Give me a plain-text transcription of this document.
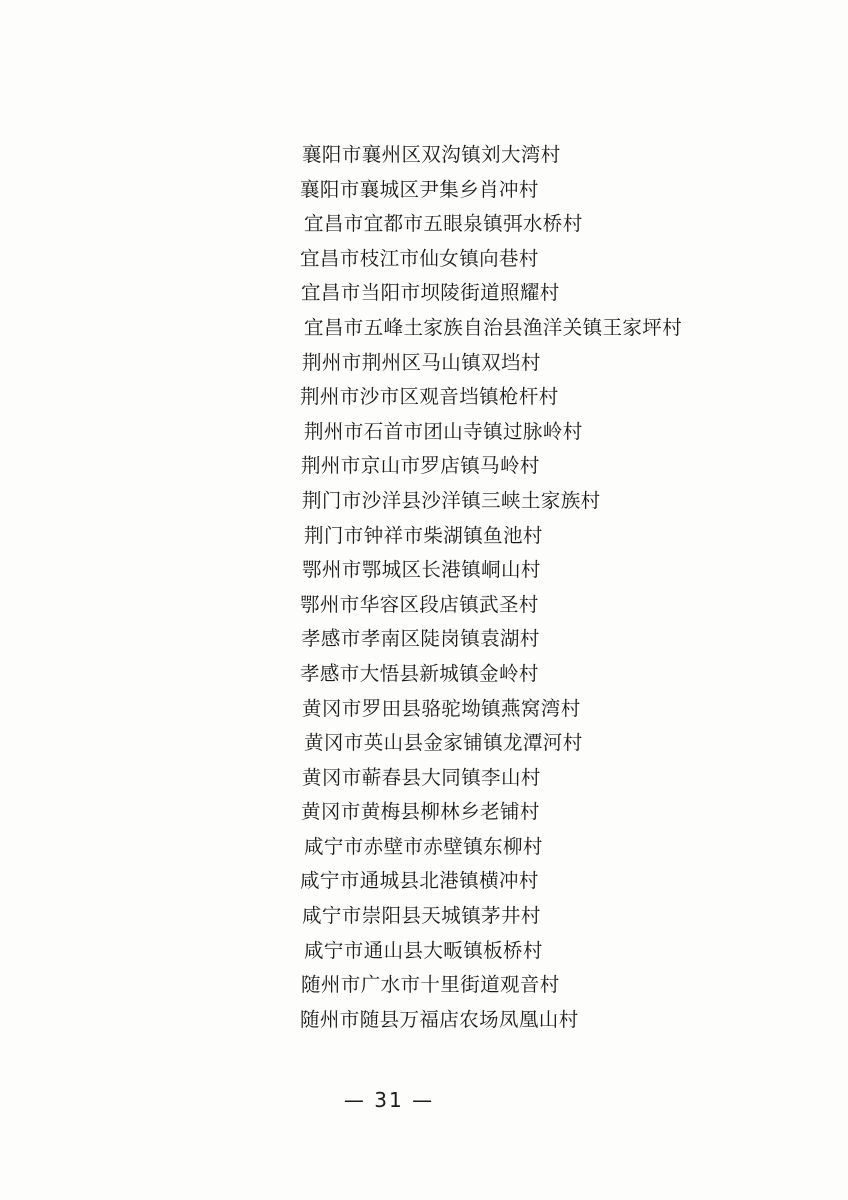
襄阳市襄州区双沟镇刘大湾村
襄阳市襄城区尹集乡肖冲村
宜昌市宜都市五眼泉镇弭水桥村
宜昌市枝江市仙女镇向巷村
宜昌市当阳市坝陵街道照耀村
宜昌市五峰土家族自治县渔洋关镇王家坪村
荆州市荆州区马山镇双垱村
荆州市沙市区观音垱镇枪杆村
荆州市石首市团山寺镇过脉岭村
荆州市京山市罗店镇马岭村
荆门市沙洋县沙洋镇三峡土家族村
荆门市钟祥市柴湖镇鱼池村
鄂州市鄂城区长港镇峒山村
鄂州市华容区段店镇武圣村
孝感市孝南区陡岗镇袁湖村
孝感市大悟县新城镇金岭村
黄冈市罗田县骆驼坳镇燕窝湾村
黄冈市英山县金家铺镇龙潭河村
黄冈市蕲春县大同镇李山村
黄冈市黄梅县柳林乡老铺村
咸宁市赤壁市赤壁镇东柳村
咸宁市通城县北港镇横冲村
咸宁市崇阳县天城镇茅井村
咸宁市通山县大畈镇板桥村
随州市广水市十里街道观音村
随州市随县万福店农场凤凰山村
— 31 —
